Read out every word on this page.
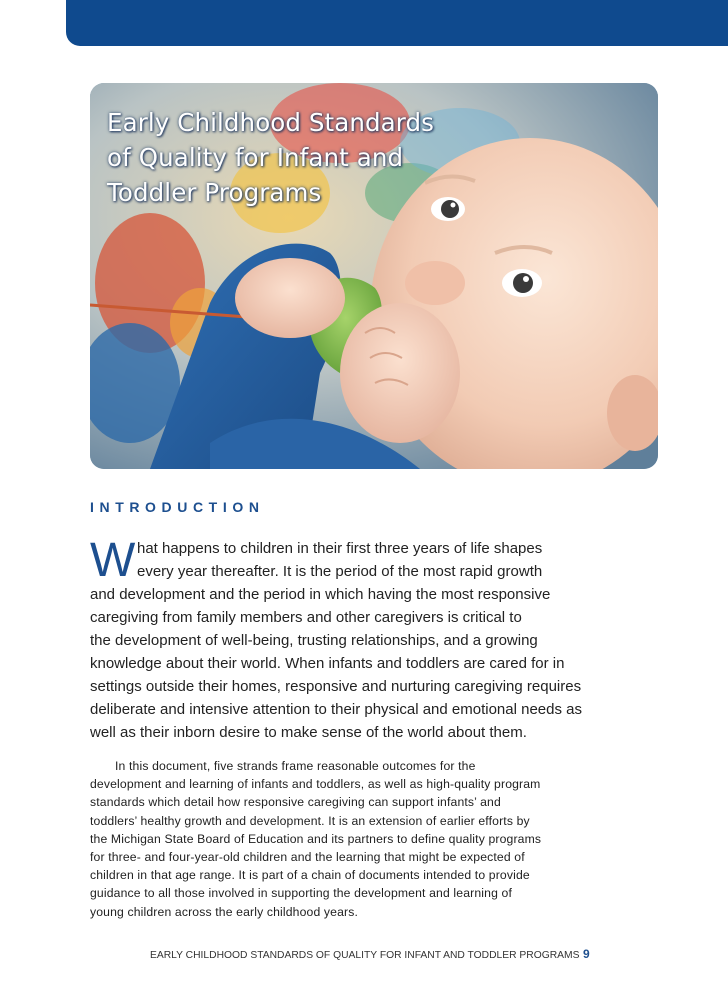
Early Childhood Standards
of Quality for Infant and
Toddler Programs
INTRODUCTION
W hat happens to children in their first three years of life shapes
every year thereafter. It is the period of the most rapid growth
and development and the period in which having the most responsive
caregiving from family members and other caregivers is critical to
the development of well-being, trusting relationships, and a growing
knowledge about their world. When infants and toddlers are cared for in
settings outside their homes, responsive and nurturing caregiving requires
deliberate and intensive attention to their physical and emotional needs as
well as their inborn desire to make sense of the world about them.
In this document, five strands frame reasonable outcomes for the
development and learning of infants and toddlers, as well as high-quality program
standards which detail how responsive caregiving can support infants’ and
toddlers’ healthy growth and development. It is an extension of earlier efforts by
the Michigan State Board of Education and its partners to define quality programs
for three- and four-year-old children and the learning that might be expected of
children in that age range. It is part of a chain of documents intended to provide
guidance to all those involved in supporting the development and learning of
young children across the early childhood years.
EARLY CHILDHOOD STANDARDS OF QUALITY FOR INFANT AND TODDLER PROGRAMS 9
